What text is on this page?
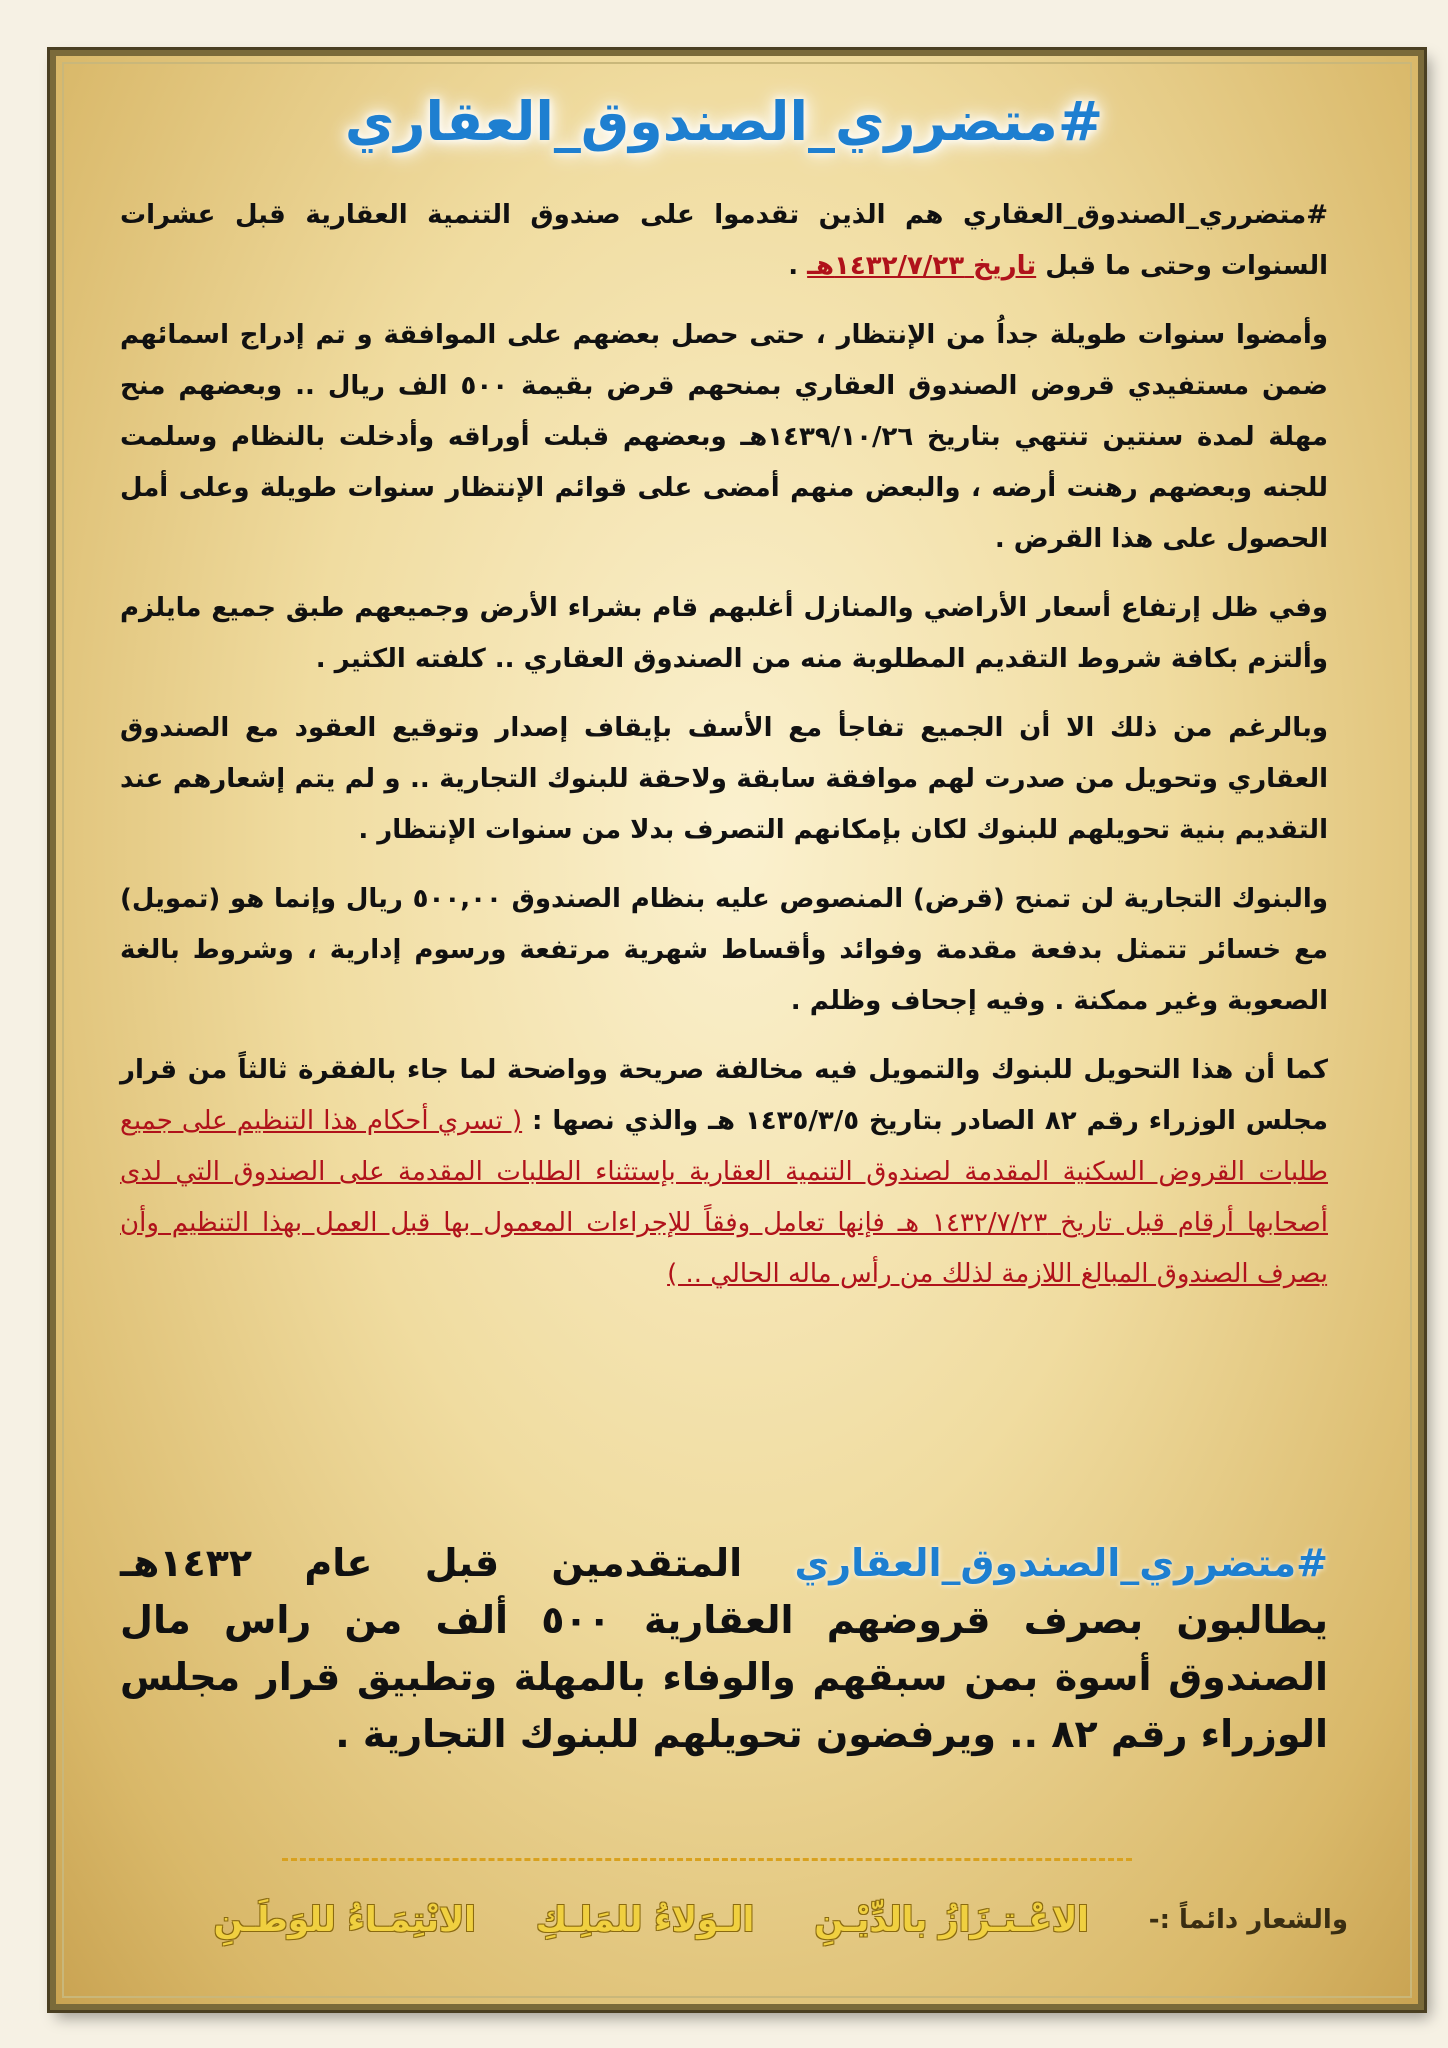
#متضرري_الصندوق_العقاري

#متضرري_الصندوق_العقاري هم الذين تقدموا على صندوق التنمية العقارية قبل عشرات السنوات وحتى ما قبل تاريخ ١٤٣٢/٧/٢٣هـ .

وأمضوا سنوات طويلة جداُ من الإنتظار ، حتى حصل بعضهم على الموافقة و تم إدراج اسمائهم ضمن مستفيدي قروض الصندوق العقاري بمنحهم قرض بقيمة ٥٠٠ الف ريال .. وبعضهم منح مهلة لمدة سنتين تنتهي بتاريخ ١٤٣٩/١٠/٢٦هـ وبعضهم قبلت أوراقه وأدخلت بالنظام وسلمت للجنه وبعضهم رهنت أرضه ، والبعض منهم أمضى على قوائم الإنتظار سنوات طويلة وعلى أمل الحصول على هذا القرض .

وفي ظل إرتفاع أسعار الأراضي والمنازل أغلبهم قام بشراء الأرض وجميعهم طبق جميع مايلزم وألتزم بكافة شروط التقديم المطلوبة منه من الصندوق العقاري .. كلفته الكثير .

وبالرغم من ذلك الا أن الجميع تفاجأ مع الأسف بإيقاف إصدار وتوقيع العقود مع الصندوق العقاري وتحويل من صدرت لهم موافقة سابقة ولاحقة للبنوك التجارية .. و لم يتم إشعارهم عند التقديم بنية تحويلهم للبنوك لكان بإمكانهم التصرف بدلا من سنوات الإنتظار .

والبنوك التجارية لن تمنح (قرض) المنصوص عليه بنظام الصندوق ٥٠٠,٠٠ ريال وإنما هو (تمويل) مع خسائر تتمثل بدفعة مقدمة وفوائد وأقساط شهرية مرتفعة ورسوم إدارية ، وشروط بالغة الصعوبة وغير ممكنة . وفيه إجحاف وظلم .

كما أن هذا التحويل للبنوك والتمويل فيه مخالفة صريحة وواضحة لما جاء بالفقرة ثالثاً من قرار مجلس الوزراء رقم ٨٢ الصادر بتاريخ ١٤٣٥/٣/٥ هـ والذي نصها : ( تسري أحكام هذا التنظيم على جميع طلبات القروض السكنية المقدمة لصندوق التنمية العقارية بإستثناء الطلبات المقدمة على الصندوق التي لدى أصحابها أرقام قبل تاريخ ١٤٣٢/٧/٢٣ هـ فإنها تعامل وفقاً للإجراءات المعمول بها قبل العمل بهذا التنظيم وأن يصرف الصندوق المبالغ اللازمة لذلك من رأس ماله الحالي .. )

#متضرري_الصندوق_العقاري المتقدمين قبل عام ١٤٣٢هـ يطالبون بصرف قروضهم العقارية ٥٠٠ ألف من راس مال الصندوق أسوة بمن سبقهم والوفاء بالمهلة وتطبيق قرار مجلس الوزراء رقم ٨٢ .. ويرفضون تحويلهم للبنوك التجارية .
والشعار دائماً :-
الاعْـتـزَازُ بالدِّيْـنِ
الـوَلاءُ للمَلِـكِ
الانْتِمَـاءُ للوَطَـنِ
